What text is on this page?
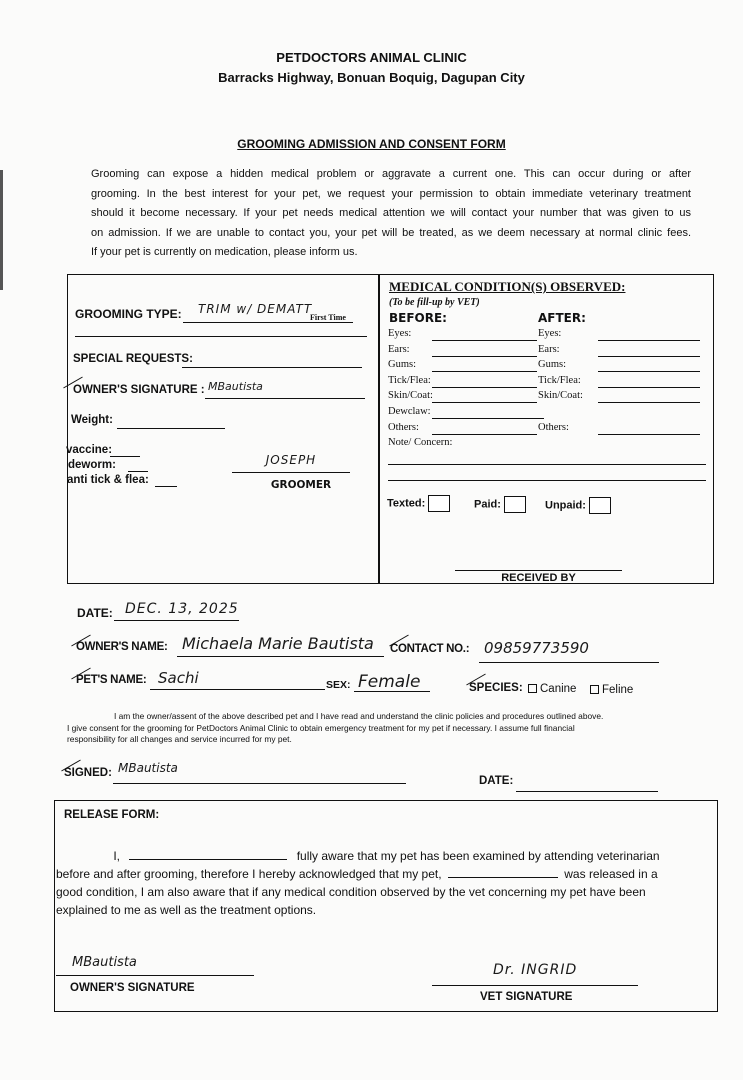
PETDOCTORS ANIMAL CLINIC
Barracks Highway, Bonuan Boquig, Dagupan City
GROOMING ADMISSION AND CONSENT FORM
Grooming can expose a hidden medical problem or aggravate a current one. This can occur during or after
grooming. In the best interest for your pet, we request your permission to obtain immediate veterinary treatment
should it become necessary. If your pet needs medical attention we will contact your number that was given to us
on admission. If we are unable to contact you, your pet will be treated, as we deem necessary at normal clinic fees.
If your pet is currently on medication, please inform us.
GROOMING TYPE: TRIM w/ DEMATT
First Time
SPECIAL REQUESTS:
OWNER'S SIGNATURE : MBautista
Weight:
vaccine:
deworm:
anti tick & flea:
JOSEPH
GROOMER
MEDICAL CONDITION(S) OBSERVED:
(To be fill-up by VET)
BEFORE:	AFTER:
Eyes:	Eyes:
Ears:	Ears:
Gums:	Gums:
Tick/Flea:	Tick/Flea:
Skin/Coat:	Skin/Coat:
Dewclaw:
Others:	Others:
Note/ Concern:
Texted:	Paid:	Unpaid:
RECEIVED BY
DATE: DEC. 13, 2025
OWNER'S NAME: Michaela Marie Bautista CONTACT NO.: 09859773590
PET'S NAME: Sachi	SEX: Female	SPECIES:	Canine	Feline
I am the owner/assent of the above described pet and I have read and understand the clinic policies and procedures outlined above.
I give consent for the grooming for PetDoctors Animal Clinic to obtain emergency treatment for my pet if necessary. I assume full financial
responsibility for all changes and service incurred for my pet.
SIGNED: MBautista
DATE:
RELEASE FORM:
I,	fully aware that my pet has been examined by attending veterinarian
before and after grooming, therefore I hereby acknowledged that my pet,	was released in a
good condition, I am also aware that if any medical condition observed by the vet concerning my pet have been
explained to me as well as the treatment options.
MBautista
OWNER'S SIGNATURE
Dr. INGRID
VET SIGNATURE
